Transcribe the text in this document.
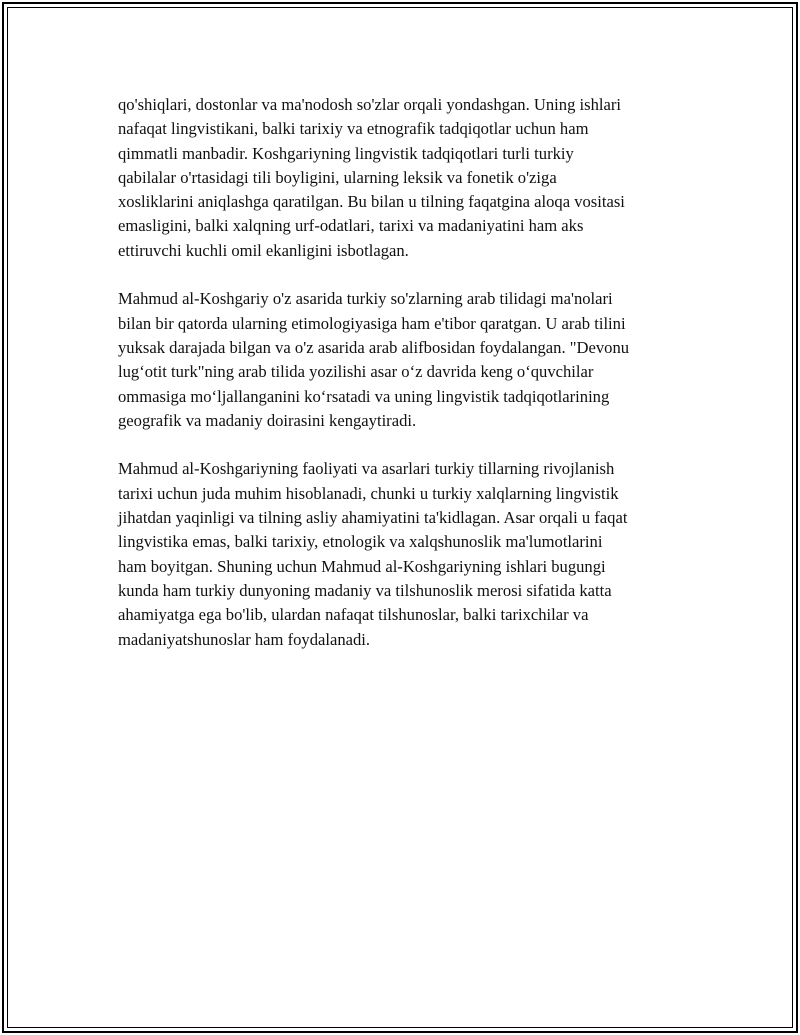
qo'shiqlari, dostonlar va ma'nodosh so'zlar orqali yondashgan. Uning ishlari
nafaqat lingvistikani, balki tarixiy va etnografik tadqiqotlar uchun ham
qimmatli manbadir. Koshgariyning lingvistik tadqiqotlari turli turkiy
qabilalar o'rtasidagi tili boyligini, ularning leksik va fonetik o'ziga
xosliklarini aniqlashga qaratilgan. Bu bilan u tilning faqatgina aloqa vositasi
emasligini, balki xalqning urf-odatlari, tarixi va madaniyatini ham aks
ettiruvchi kuchli omil ekanligini isbotlagan.

Mahmud al-Koshgariy o'z asarida turkiy so'zlarning arab tilidagi ma'nolari
bilan bir qatorda ularning etimologiyasiga ham e'tibor qaratgan. U arab tilini
yuksak darajada bilgan va o'z asarida arab alifbosidan foydalangan. "Devonu
lug‘otit turk"ning arab tilida yozilishi asar o‘z davrida keng o‘quvchilar
ommasiga mo‘ljallanganini ko‘rsatadi va uning lingvistik tadqiqotlarining
geografik va madaniy doirasini kengaytiradi.

Mahmud al-Koshgariyning faoliyati va asarlari turkiy tillarning rivojlanish
tarixi uchun juda muhim hisoblanadi, chunki u turkiy xalqlarning lingvistik
jihatdan yaqinligi va tilning asliy ahamiyatini ta'kidlagan. Asar orqali u faqat
lingvistika emas, balki tarixiy, etnologik va xalqshunoslik ma'lumotlarini
ham boyitgan. Shuning uchun Mahmud al-Koshgariyning ishlari bugungi
kunda ham turkiy dunyoning madaniy va tilshunoslik merosi sifatida katta
ahamiyatga ega bo'lib, ulardan nafaqat tilshunoslar, balki tarixchilar va
madaniyatshunoslar ham foydalanadi.
